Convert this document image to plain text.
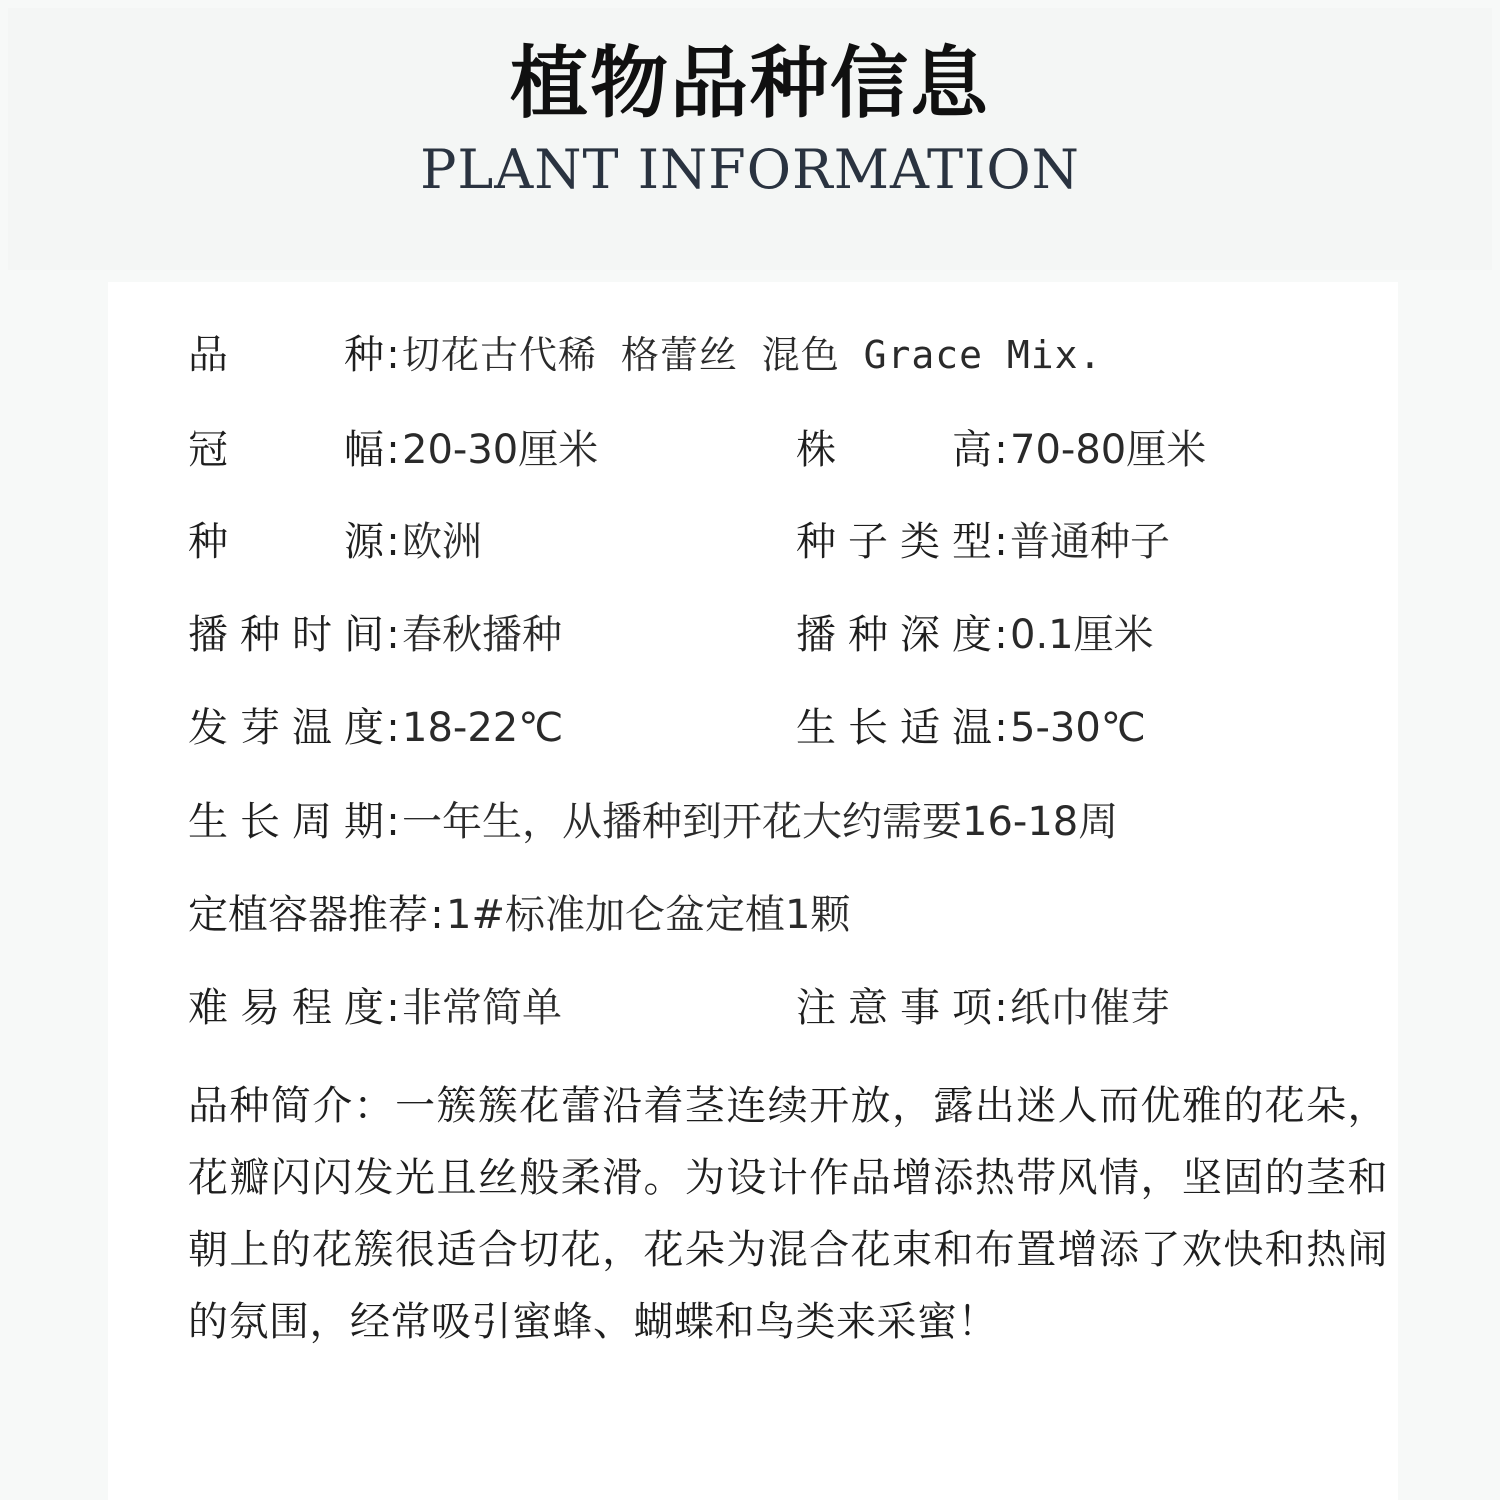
植物品种信息
PLANT INFORMATION
品种:切花古代稀 格蕾丝 混色 Grace Mix.
冠幅:20-30厘米	株高:70-80厘米
种源:欧洲	种子类型:普通种子
播种时间:春秋播种	播种深度:0.1厘米
发芽温度:18-22℃	生长适温:5-30℃
生长周期:一年生，从播种到开花大约需要16-18周
定植容器推荐:1#标准加仑盆定植1颗
难易程度:非常简单	注意事项:纸巾催芽
品种简介：一簇簇花蕾沿着茎连续开放，露出迷人而优雅的花朵，花瓣闪闪发光且丝般柔滑。为设计作品增添热带风情，坚固的茎和朝上的花簇很适合切花，花朵为混合花束和布置增添了欢快和热闹的氛围，经常吸引蜜蜂、蝴蝶和鸟类来采蜜！
